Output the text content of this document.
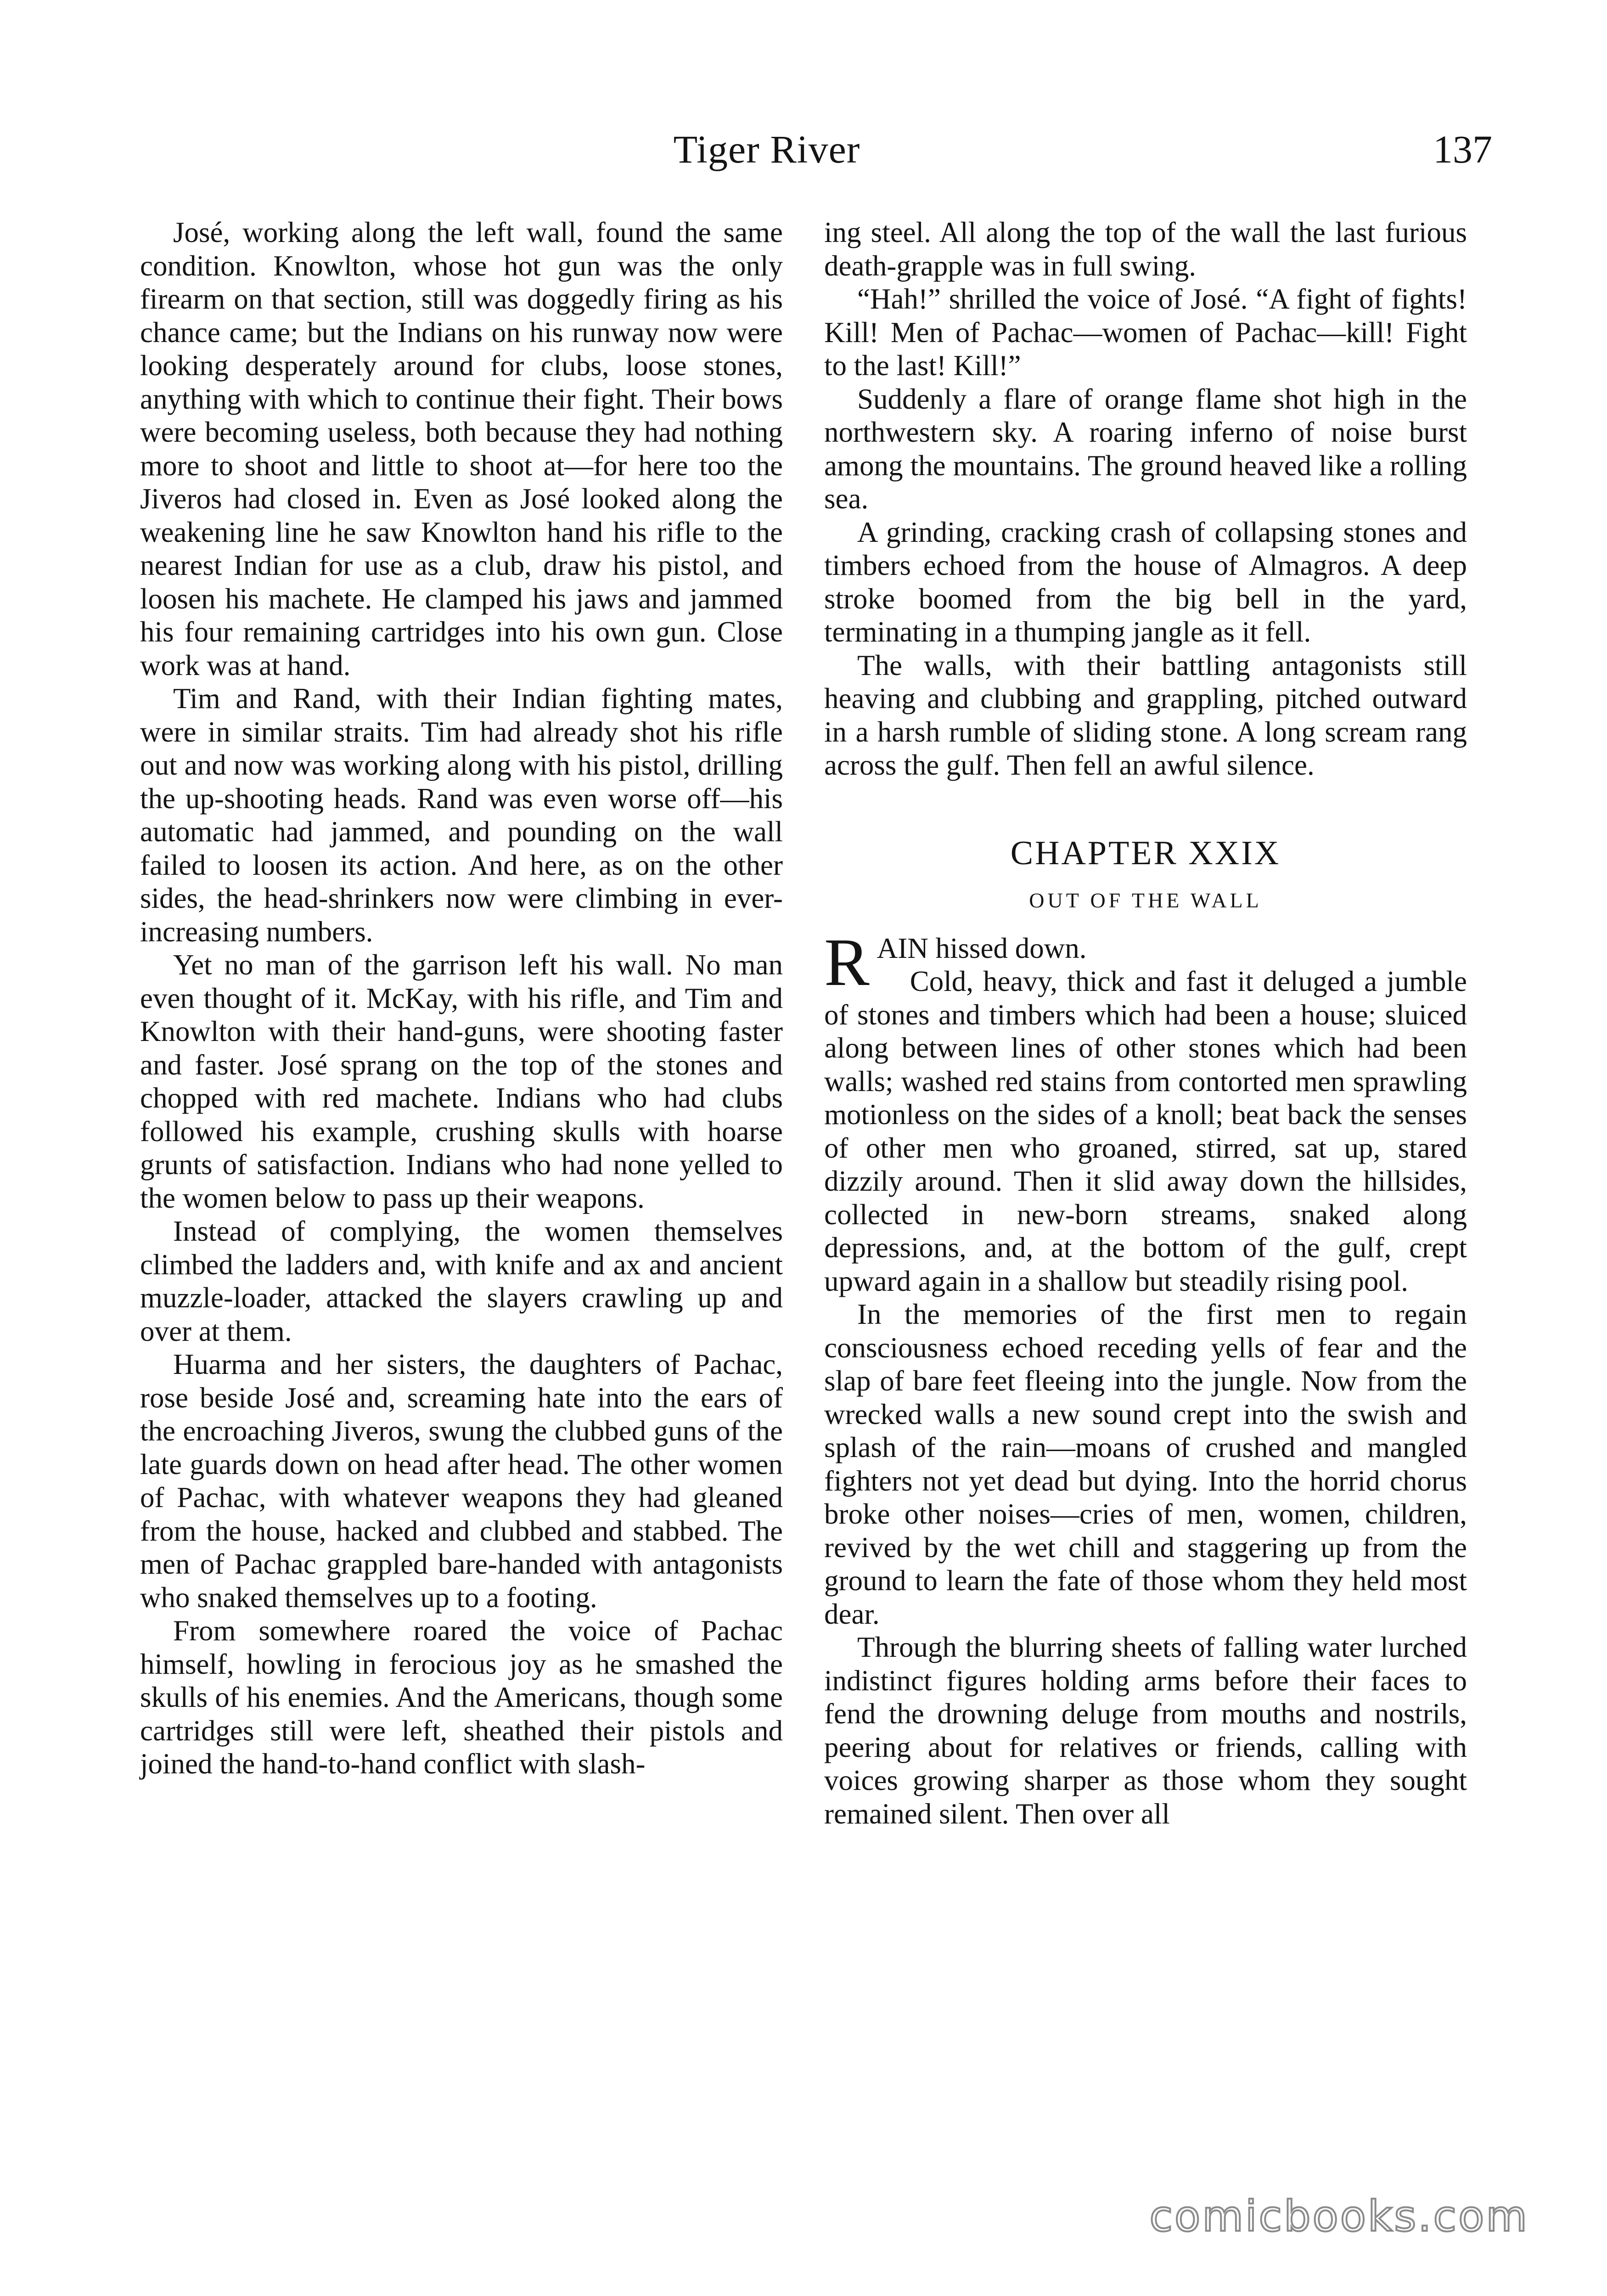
Tiger River	137

José, working along the left wall, found the same condition. Knowlton, whose hot gun was the only firearm on that section, still was doggedly firing as his chance came; but the Indians on his runway now were looking desperately around for clubs, loose stones, anything with which to continue their fight. Their bows were becoming useless, both because they had nothing more to shoot and little to shoot at—for here too the Jiveros had closed in. Even as José looked along the weakening line he saw Knowlton hand his rifle to the nearest Indian for use as a club, draw his pistol, and loosen his machete. He clamped his jaws and jammed his four remaining cartridges into his own gun. Close work was at hand.

Tim and Rand, with their Indian fighting mates, were in similar straits. Tim had already shot his rifle out and now was working along with his pistol, drilling the up-shooting heads. Rand was even worse off—his automatic had jammed, and pounding on the wall failed to loosen its action. And here, as on the other sides, the head-shrinkers now were climbing in ever-increasing numbers.

Yet no man of the garrison left his wall. No man even thought of it. McKay, with his rifle, and Tim and Knowlton with their hand-guns, were shooting faster and faster. José sprang on the top of the stones and chopped with red machete. Indians who had clubs followed his example, crushing skulls with hoarse grunts of satisfaction. Indians who had none yelled to the women below to pass up their weapons.

Instead of complying, the women themselves climbed the ladders and, with knife and ax and ancient muzzle-loader, attacked the slayers crawling up and over at them.

Huarma and her sisters, the daughters of Pachac, rose beside José and, screaming hate into the ears of the encroaching Jiveros, swung the clubbed guns of the late guards down on head after head. The other women of Pachac, with whatever weapons they had gleaned from the house, hacked and clubbed and stabbed. The men of Pachac grappled bare-handed with antagonists who snaked themselves up to a footing.

From somewhere roared the voice of Pachac himself, howling in ferocious joy as he smashed the skulls of his enemies. And the Americans, though some cartridges still were left, sheathed their pistols and joined the hand-to-hand conflict with slash-

ing steel. All along the top of the wall the last furious death-grapple was in full swing.

“Hah!” shrilled the voice of José. “A fight of fights! Kill! Men of Pachac—women of Pachac—kill! Fight to the last! Kill!”

Suddenly a flare of orange flame shot high in the northwestern sky. A roaring inferno of noise burst among the mountains. The ground heaved like a rolling sea.

A grinding, cracking crash of collapsing stones and timbers echoed from the house of Almagros. A deep stroke boomed from the big bell in the yard, terminating in a thumping jangle as it fell.

The walls, with their battling antagonists still heaving and clubbing and grappling, pitched outward in a harsh rumble of sliding stone. A long scream rang across the gulf. Then fell an awful silence.

CHAPTER XXIX
OUT OF THE WALL

RAIN hissed down.

Cold, heavy, thick and fast it deluged a jumble of stones and timbers which had been a house; sluiced along between lines of other stones which had been walls; washed red stains from contorted men sprawling motionless on the sides of a knoll; beat back the senses of other men who groaned, stirred, sat up, stared dizzily around. Then it slid away down the hillsides, collected in new-born streams, snaked along depressions, and, at the bottom of the gulf, crept upward again in a shallow but steadily rising pool.

In the memories of the first men to regain consciousness echoed receding yells of fear and the slap of bare feet fleeing into the jungle. Now from the wrecked walls a new sound crept into the swish and splash of the rain—moans of crushed and mangled fighters not yet dead but dying. Into the horrid chorus broke other noises—cries of men, women, children, revived by the wet chill and staggering up from the ground to learn the fate of those whom they held most dear.

Through the blurring sheets of falling water lurched indistinct figures holding arms before their faces to fend the drowning deluge from mouths and nostrils, peering about for relatives or friends, calling with voices growing sharper as those whom they sought remained silent. Then over all

comicbooks.com
